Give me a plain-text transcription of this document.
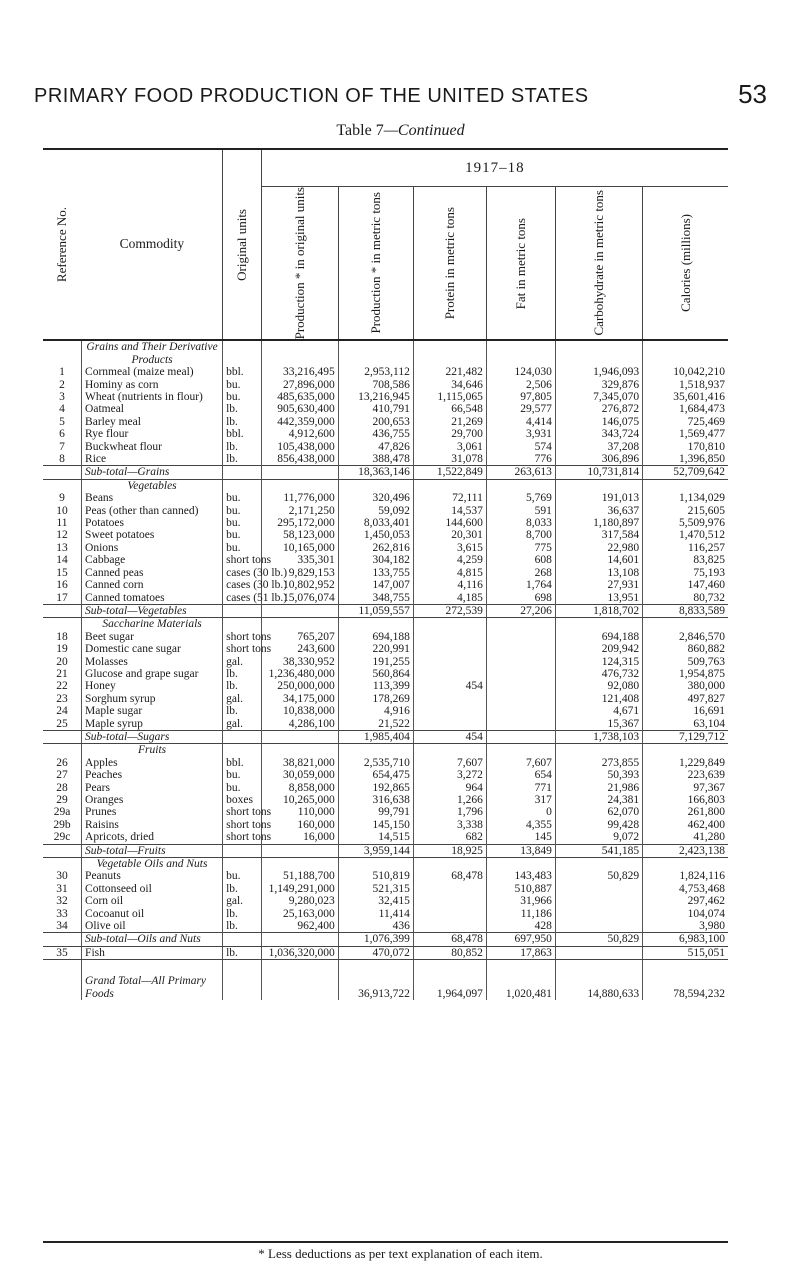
PRIMARY FOOD PRODUCTION OF THE UNITED STATES	53
Table 7—Continued
Reference No.	Commodity	Original units	1917–18					

			Production * in original units	Production * in metric tons	Protein in metric tons	Fat in metric tons	Carbohydrate in metric tons	Calories (millions)

	Grains and Their Derivative Products							
1	Cornmeal (maize meal)	bbl.	33,216,495	2,953,112	221,482	124,030	1,946,093	10,042,210
2	Hominy as corn	bu.	27,896,000	708,586	34,646	2,506	329,876	1,518,937
3	Wheat (nutrients in flour)	bu.	485,635,000	13,216,945	1,115,065	97,805	7,345,070	35,601,416
4	Oatmeal	lb.	905,630,400	410,791	66,548	29,577	276,872	1,684,473
5	Barley meal	lb.	442,359,000	200,653	21,269	4,414	146,075	725,469
6	Rye flour	bbl.	4,912,600	436,755	29,700	3,931	343,724	1,569,477
7	Buckwheat flour	lb.	105,438,000	47,826	3,061	574	37,208	170,810
8	Rice	lb.	856,438,000	388,478	31,078	776	306,896	1,396,850
	Sub-total—Grains			18,363,146	1,522,849	263,613	10,731,814	52,709,642
	Vegetables							
9	Beans	bu.	11,776,000	320,496	72,111	5,769	191,013	1,134,029
10	Peas (other than canned)	bu.	2,171,250	59,092	14,537	591	36,637	215,605
11	Potatoes	bu.	295,172,000	8,033,401	144,600	8,033	1,180,897	5,509,976
12	Sweet potatoes	bu.	58,123,000	1,450,053	20,301	8,700	317,584	1,470,512
13	Onions	bu.	10,165,000	262,816	3,615	775	22,980	116,257
14	Cabbage	short tons	335,301	304,182	4,259	608	14,601	83,825
15	Canned peas	cases (30 lb.)	9,829,153	133,755	4,815	268	13,108	75,193
16	Canned corn	cases (30 lb.)	10,802,952	147,007	4,116	1,764	27,931	147,460
17	Canned tomatoes	cases (51 lb.)	15,076,074	348,755	4,185	698	13,951	80,732
	Sub-total—Vegetables			11,059,557	272,539	27,206	1,818,702	8,833,589
	Saccharine Materials							
18	Beet sugar	short tons	765,207	694,188			694,188	2,846,570
19	Domestic cane sugar	short tons	243,600	220,991			209,942	860,882
20	Molasses	gal.	38,330,952	191,255			124,315	509,763
21	Glucose and grape sugar	lb.	1,236,480,000	560,864			476,732	1,954,875
22	Honey	lb.	250,000,000	113,399	454		92,080	380,000
23	Sorghum syrup	gal.	34,175,000	178,269			121,408	497,827
24	Maple sugar	lb.	10,838,000	4,916			4,671	16,691
25	Maple syrup	gal.	4,286,100	21,522			15,367	63,104
	Sub-total—Sugars			1,985,404	454		1,738,103	7,129,712
	Fruits							
26	Apples	bbl.	38,821,000	2,535,710	7,607	7,607	273,855	1,229,849
27	Peaches	bu.	30,059,000	654,475	3,272	654	50,393	223,639
28	Pears	bu.	8,858,000	192,865	964	771	21,986	97,367
29	Oranges	boxes	10,265,000	316,638	1,266	317	24,381	166,803
29a	Prunes	short tons	110,000	99,791	1,796	0	62,070	261,800
29b	Raisins	short tons	160,000	145,150	3,338	4,355	99,428	462,400
29c	Apricots, dried	short tons	16,000	14,515	682	145	9,072	41,280
	Sub-total—Fruits			3,959,144	18,925	13,849	541,185	2,423,138
	Vegetable Oils and Nuts							
30	Peanuts	bu.	51,188,700	510,819	68,478	143,483	50,829	1,824,116
31	Cottonseed oil	lb.	1,149,291,000	521,315		510,887		4,753,468
32	Corn oil	gal.	9,280,023	32,415		31,966		297,462
33	Cocoanut oil	lb.	25,163,000	11,414		11,186		104,074
34	Olive oil	lb.	962,400	436		428		3,980
	Sub-total—Oils and Nuts			1,076,399	68,478	697,950	50,829	6,983,100
35	Fish	lb.	1,036,320,000	470,072	80,852	17,863		515,051
	Grand Total—All Primary Foods			36,913,722	1,964,097	1,020,481	14,880,633	78,594,232
* Less deductions as per text explanation of each item.
